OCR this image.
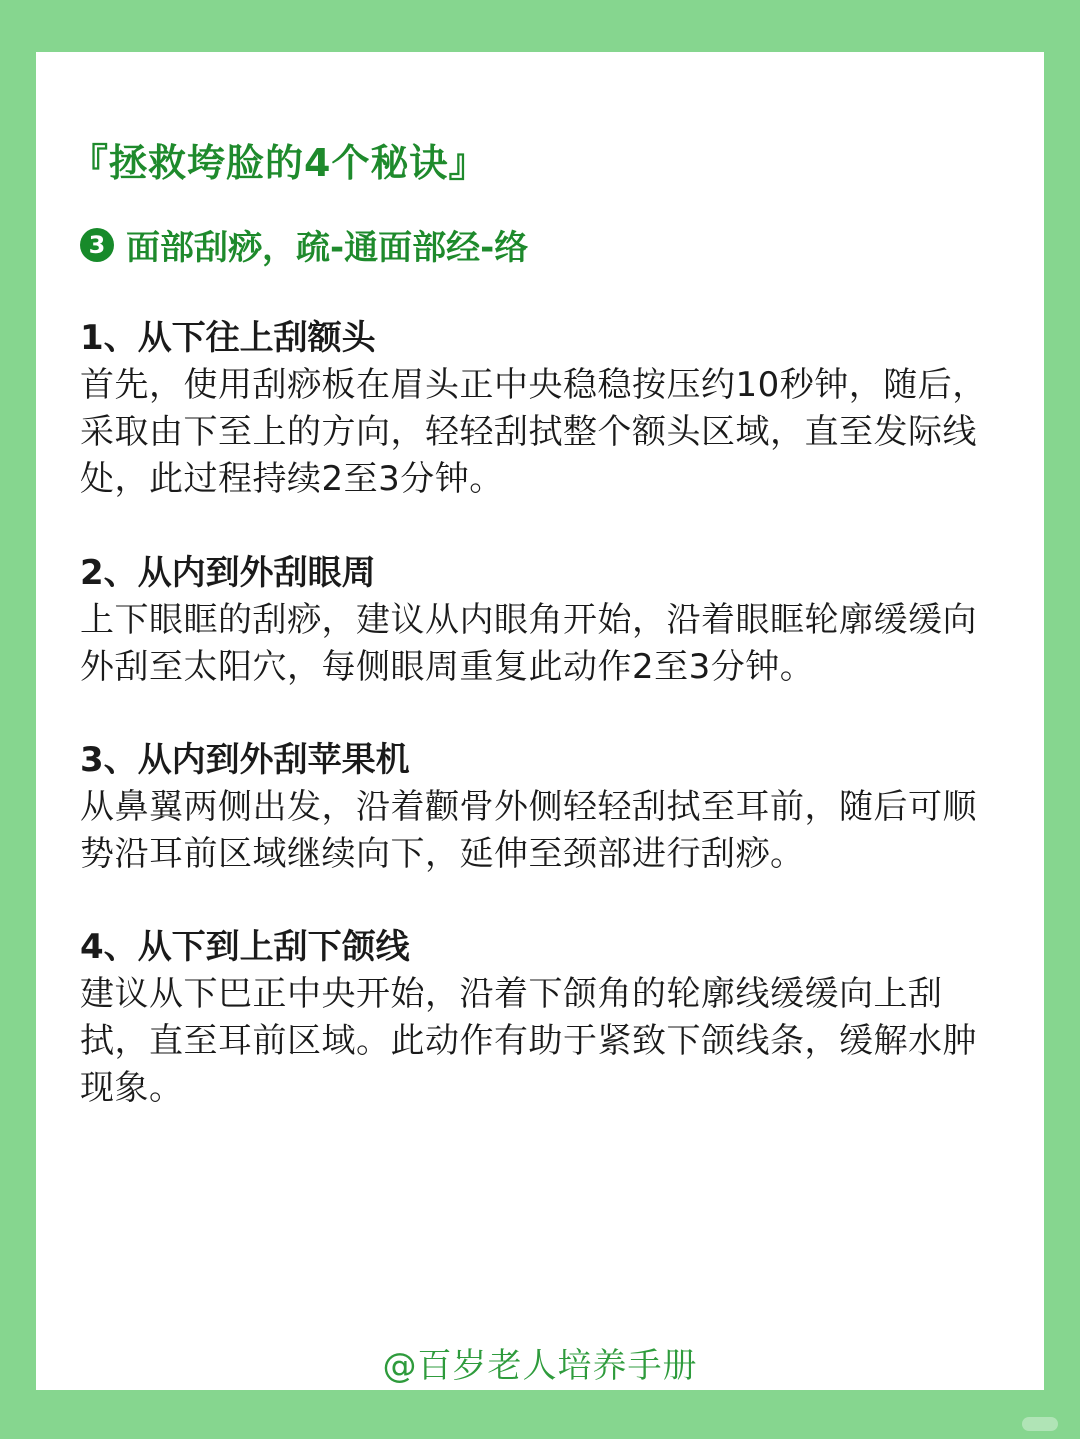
『拯救垮脸的4个秘诀』
3 面部刮痧，疏-通面部经-络
1、从下往上刮额头

首先，使用刮痧板在眉头正中央稳稳按压约10秒钟，随后，采取由下至上的方向，轻轻刮拭整个额头区域，直至发际线处，此过程持续2至3分钟。

2、从内到外刮眼周

上下眼眶的刮痧，建议从内眼角开始，沿着眼眶轮廓缓缓向外刮至太阳穴，每侧眼周重复此动作2至3分钟。

3、从内到外刮苹果机

从鼻翼两侧出发，沿着颧骨外侧轻轻刮拭至耳前，随后可顺势沿耳前区域继续向下，延伸至颈部进行刮痧。

4、从下到上刮下颌线

建议从下巴正中央开始，沿着下颌角的轮廓线缓缓向上刮拭，直至耳前区域。此动作有助于紧致下颌线条，缓解水肿现象。

@百岁老人培养手册
